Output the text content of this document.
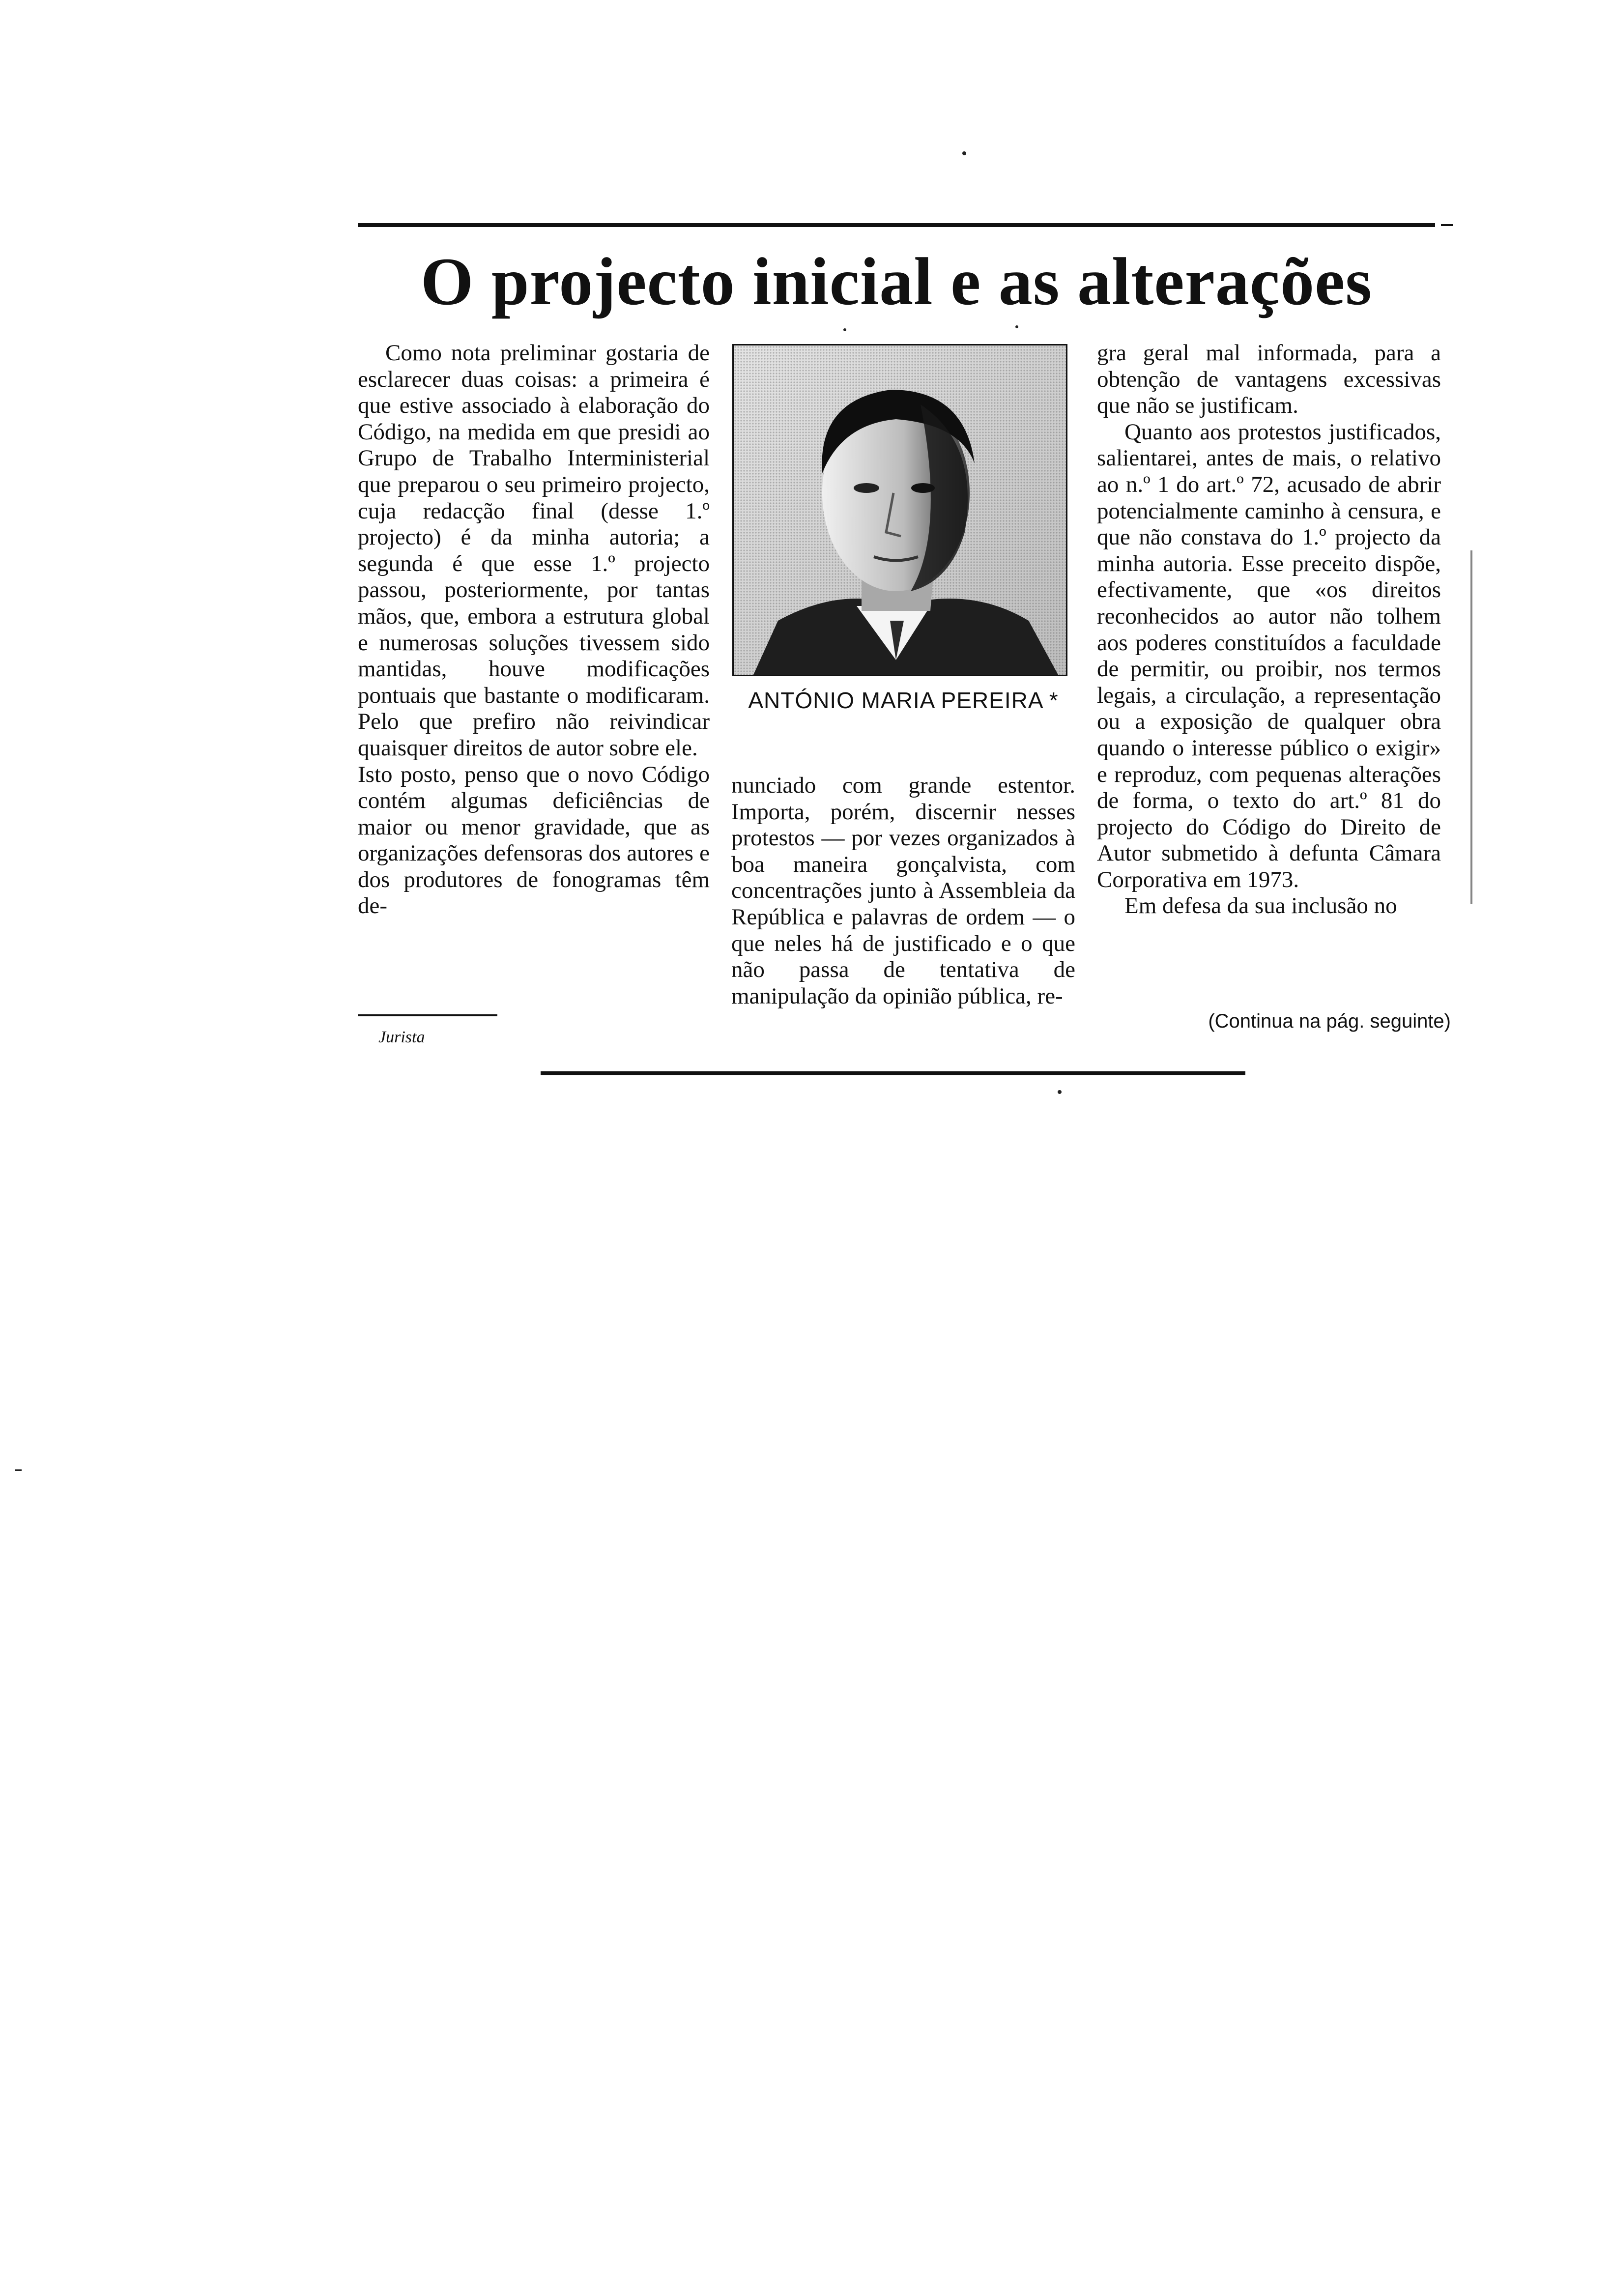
O projecto inicial e as alterações

Como nota preliminar gostaria de esclarecer duas coisas: a primeira é que estive associado à elaboração do Código, na medida em que presidi ao Grupo de Trabalho Interministerial que preparou o seu primeiro projecto, cuja redacção final (desse 1.º projecto) é da minha autoria; a segunda é que esse 1.º projecto passou, posteriormente, por tantas mãos, que, embora a estrutura global e numerosas soluções tivessem sido mantidas, houve modificações pontuais que bastante o modificaram. Pelo que prefiro não reivindicar quaisquer direitos de autor sobre ele.

Isto posto, penso que o novo Código contém algumas deficiências de maior ou menor gravidade, que as organizações defensoras dos autores e dos produtores de fonogramas têm de-

ANTÓNIO MARIA PEREIRA *

nunciado com grande estentor. Importa, porém, discernir nesses protestos — por vezes organizados à boa maneira gonçalvista, com concentrações junto à Assembleia da República e palavras de ordem — o que neles há de justificado e o que não passa de tentativa de manipulação da opinião pública, re-

gra geral mal informada, para a obtenção de vantagens excessivas que não se justificam.

Quanto aos protestos justificados, salientarei, antes de mais, o relativo ao n.º 1 do art.º 72, acusado de abrir potencialmente caminho à censura, e que não constava do 1.º projecto da minha autoria. Esse preceito dispõe, efectivamente, que «os direitos reconhecidos ao autor não tolhem aos poderes constituídos a faculdade de permitir, ou proibir, nos termos legais, a circulação, a representação ou a exposição de qualquer obra quando o interesse público o exigir» e reproduz, com pequenas alterações de forma, o texto do art.º 81 do projecto do Código do Direito de Autor submetido à defunta Câmara Corporativa em 1973.

Em defesa da sua inclusão no

Jurista
(Continua na pág. seguinte)
